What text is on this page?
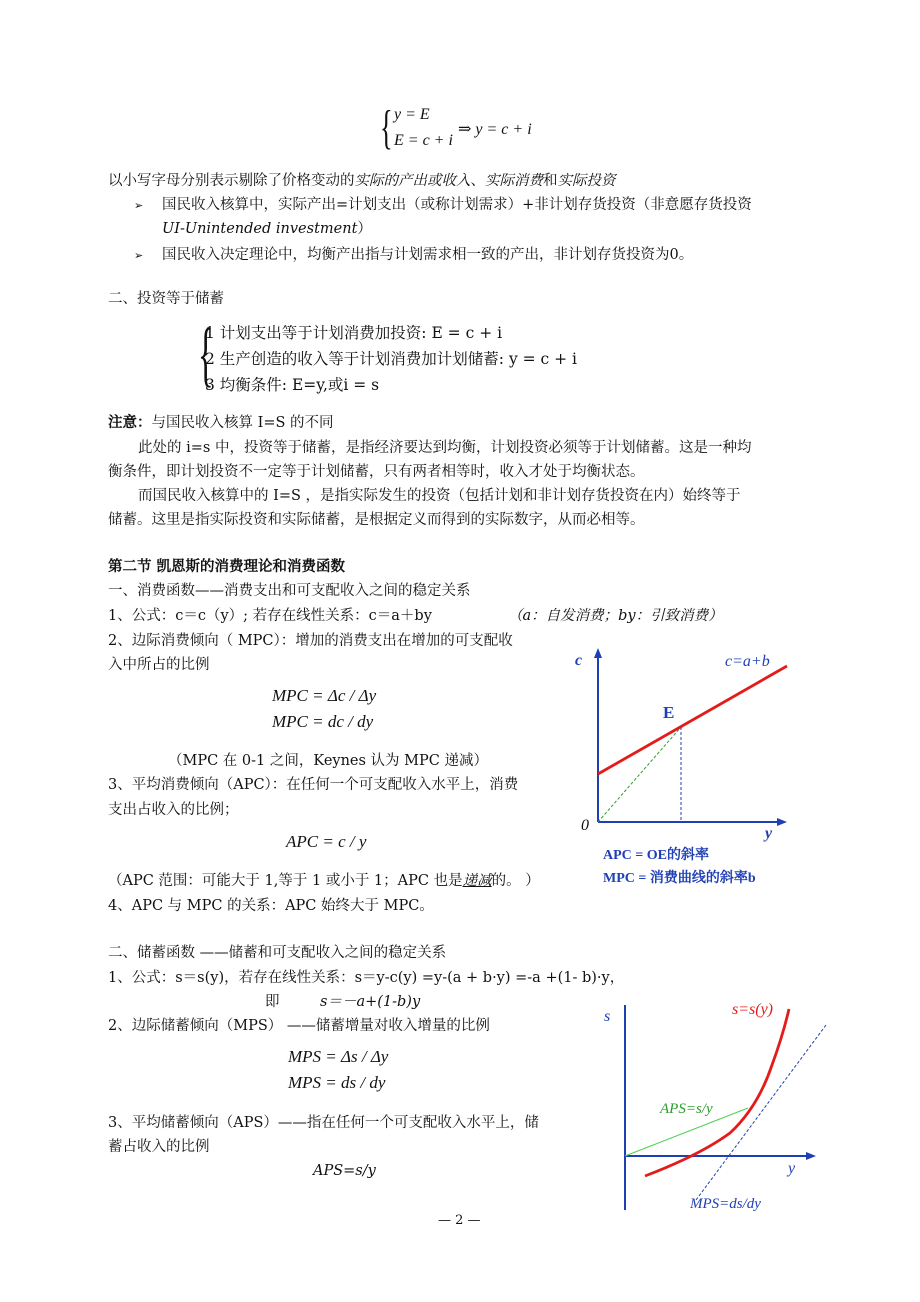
{ y = E
E = c + i
⇒ y = c + i
以小写字母分别表示剔除了价格变动的实际的产出或收入、实际消费和实际投资
➢ 国民收入核算中，实际产出=计划支出（或称计划需求）+非计划存货投资（非意愿存货投资
UI-Unintended investment）
➢ 国民收入决定理论中，均衡产出指与计划需求相一致的产出，非计划存货投资为0。
二、投资等于储蓄
{
1 计划支出等于计划消费加投资: E = c + i
2 生产创造的收入等于计划消费加计划储蓄: y = c + i
3 均衡条件: E=y,或i = s
注意：与国民收入核算 I=S 的不同
此处的 i=s 中，投资等于储蓄，是指经济要达到均衡，计划投资必须等于计划储蓄。这是一种均
衡条件，即计划投资不一定等于计划储蓄，只有两者相等时，收入才处于均衡状态。
而国民收入核算中的 I=S ，是指实际发生的投资（包括计划和非计划存货投资在内）始终等于
储蓄。这里是指实际投资和实际储蓄，是根据定义而得到的实际数字，从而必相等。
第二节 凯恩斯的消费理论和消费函数
一、消费函数——消费支出和可支配收入之间的稳定关系
1、公式：c＝c（y）; 若存在线性关系：c＝a＋by	（a：自发消费；by：引致消费）
2、边际消费倾向（ MPC）：增加的消费支出在增加的可支配收
入中所占的比例
MPC = Δc / Δy
MPC = dc / dy
（MPC 在 0-1 之间，Keynes 认为 MPC 递减）
3、平均消费倾向（APC）：在任何一个可支配收入水平上，消费
支出占收入的比例；
APC = c / y
（APC 范围：可能大于 1,等于 1 或小于 1；APC 也是递减的。 ）
4、APC 与 MPC 的关系：APC 始终大于 MPC。
c
y
0
c=a+b
E
APC = OE的斜率
MPC = 消费曲线的斜率b
二、储蓄函数 ——储蓄和可支配收入之间的稳定关系
1、公式：s＝s(y)，若存在线性关系：s＝y-c(y) =y-(a + b·y) =-a +(1- b)·y，
即	s＝－a+(1-b)y
2、边际储蓄倾向（MPS） ——储蓄增量对收入增量的比例
MPS = Δs / Δy
MPS = ds / dy
3、平均储蓄倾向（APS）——指在任何一个可支配收入水平上，储
蓄占收入的比例
APS=s/y
s
y
s=s(y)
APS=s/y
MPS=ds/dy
— 2 —
